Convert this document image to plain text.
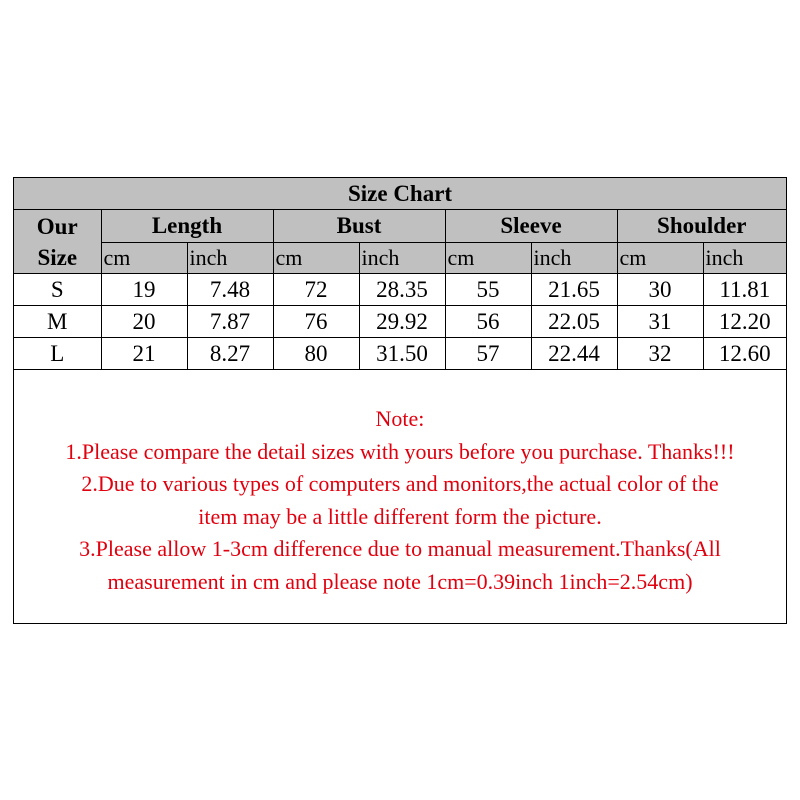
Size Chart								
Our
Size	Length		Bust		Sleeve		Shoulder	
	cm	inch	cm	inch	cm	inch	cm	inch
S	19	7.48	72	28.35	55	21.65	30	11.81
M	20	7.87	76	29.92	56	22.05	31	12.20
L	21	8.27	80	31.50	57	22.44	32	12.60
Note:
1.Please compare the detail sizes with yours before you purchase. Thanks!!!
2.Due to various types of computers and monitors,the actual color of the
item may be a little different form the picture.
3.Please allow 1-3cm difference due to manual measurement.Thanks(All
measurement in cm and please note 1cm=0.39inch 1inch=2.54cm)
